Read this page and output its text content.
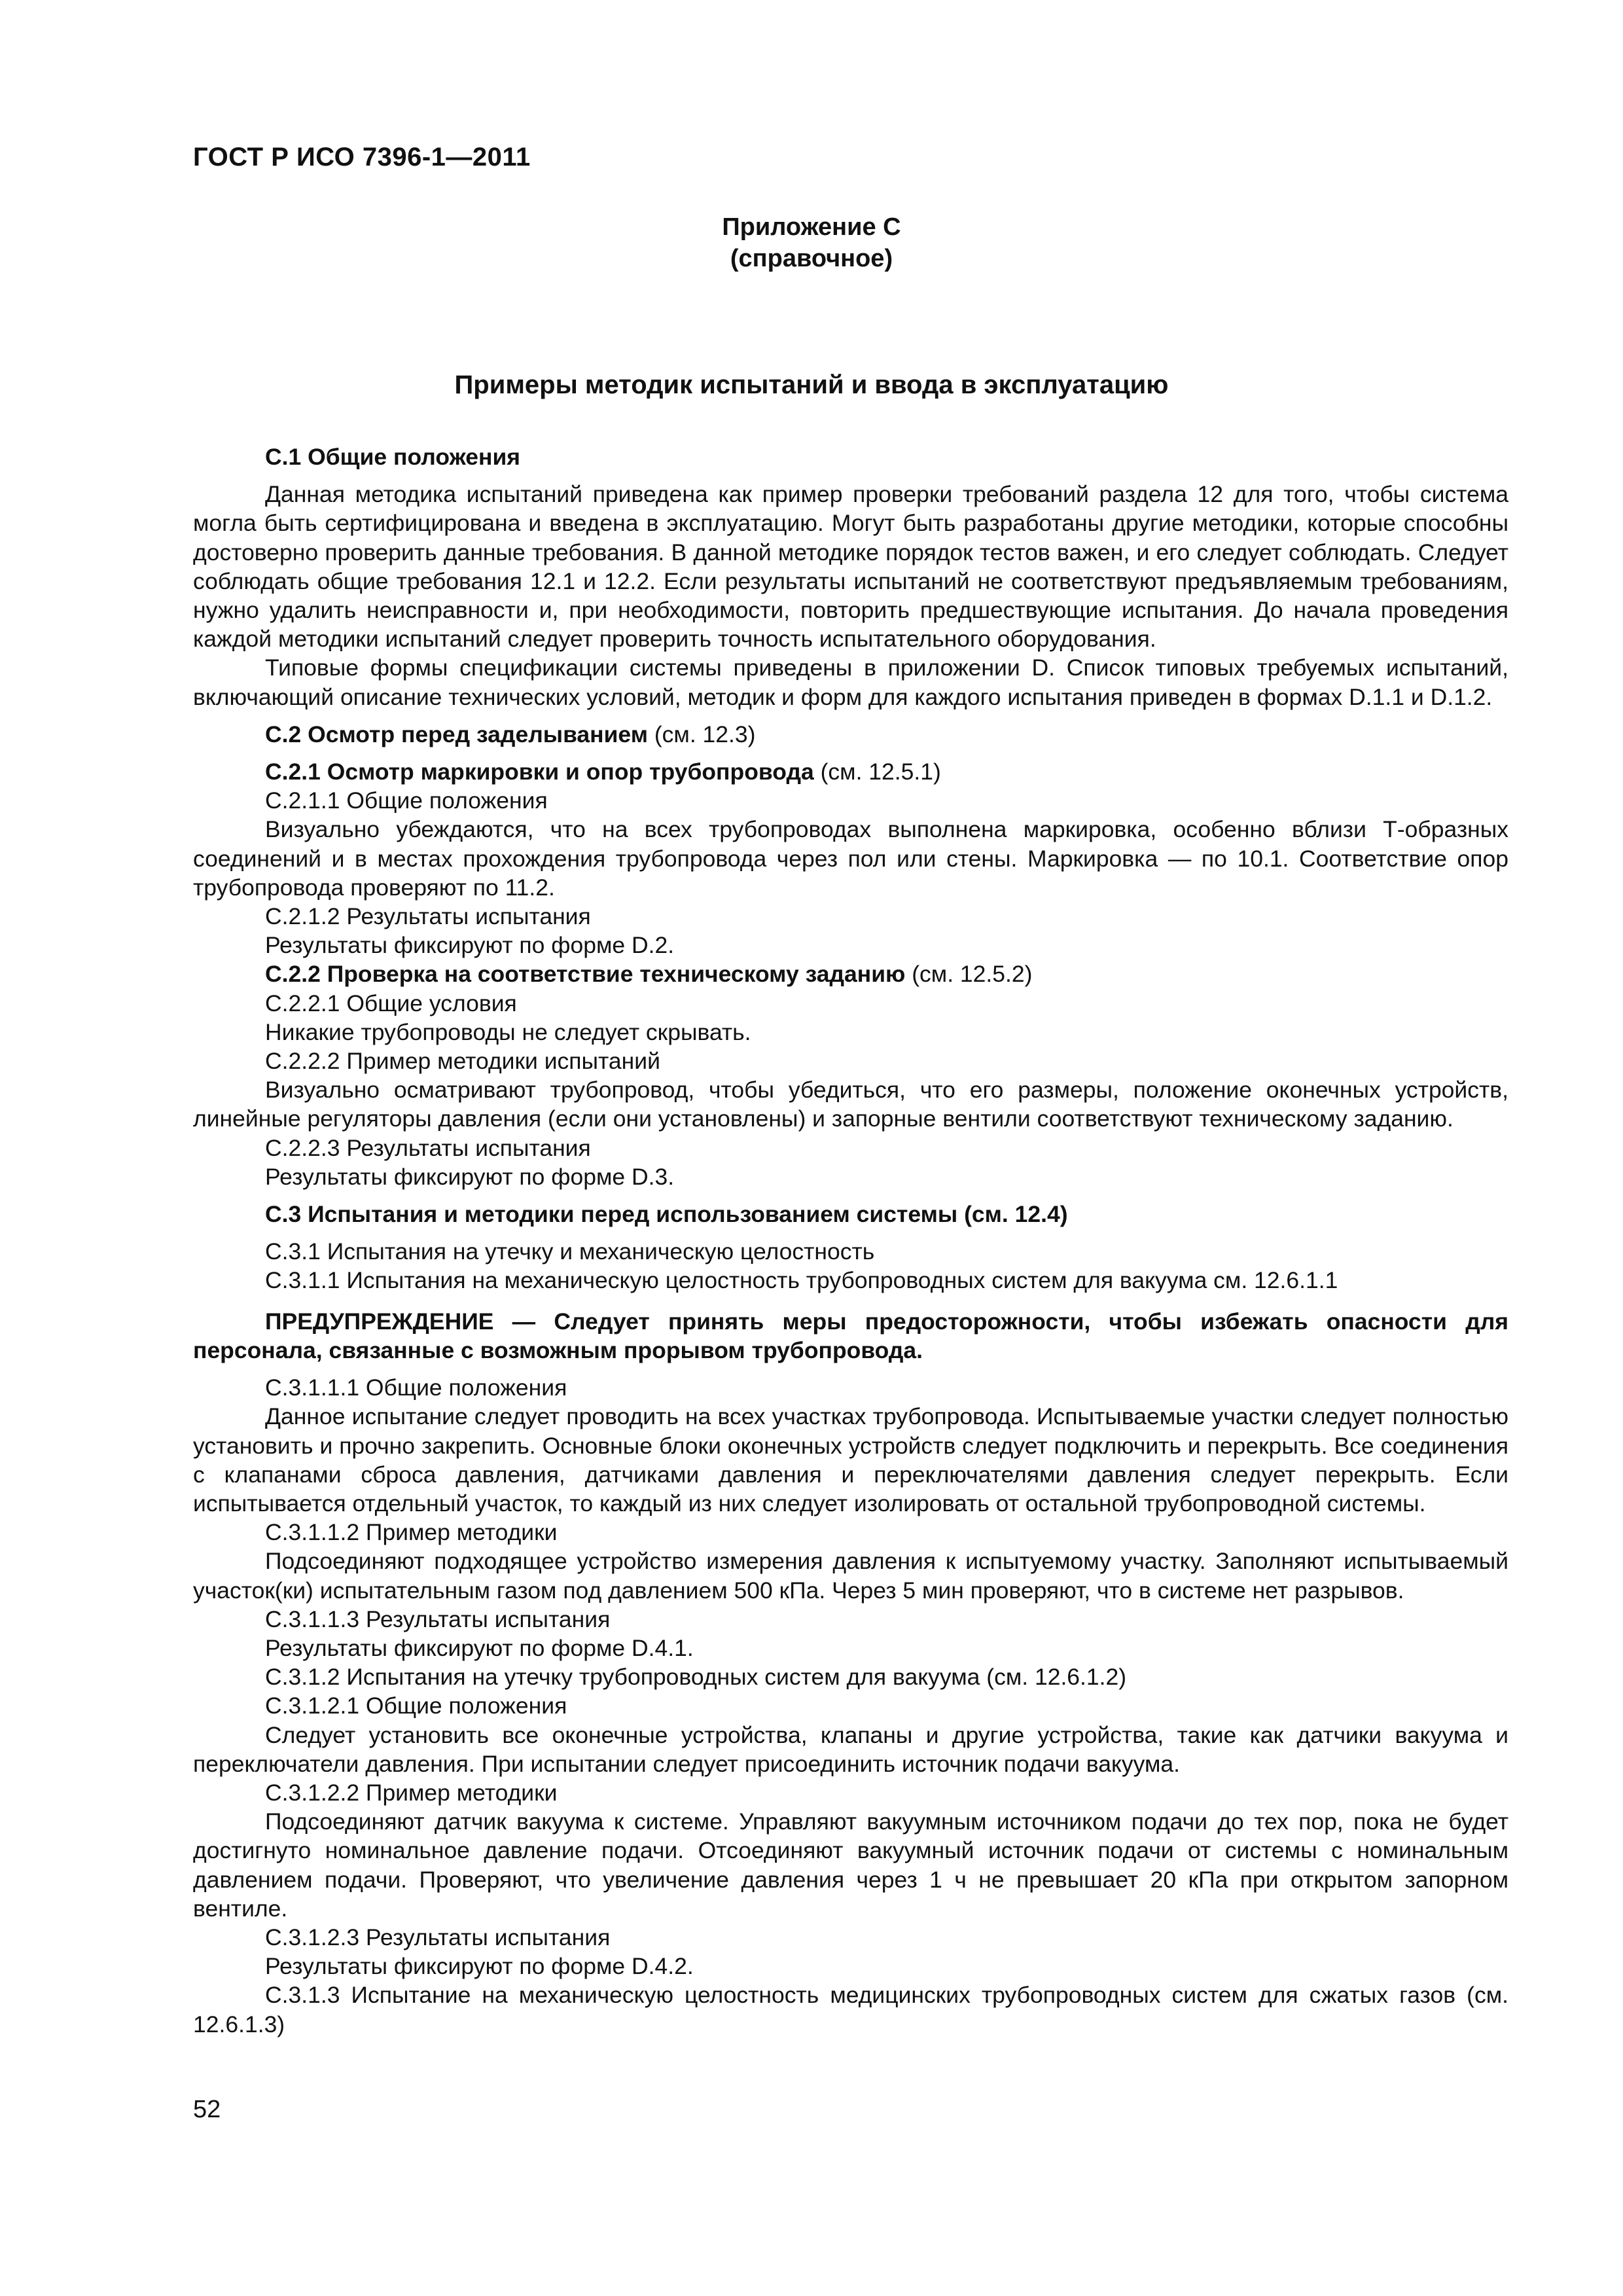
ГОСТ Р ИСО 7396-1—2011
Приложение C
(справочное)
Примеры методик испытаний и ввода в эксплуатацию

C.1 Общие положения

Данная методика испытаний приведена как пример проверки требований раздела 12 для того, чтобы система могла быть сертифицирована и введена в эксплуатацию. Могут быть разработаны другие методики, которые способны достоверно проверить данные требования. В данной методике порядок тестов важен, и его следует соблюдать. Следует соблюдать общие требования 12.1 и 12.2. Если результаты испытаний не соответствуют предъявляемым требованиям, нужно удалить неисправности и, при необходимости, повторить предшествующие испытания. До начала проведения каждой методики испытаний следует проверить точность испытательного оборудования.

Типовые формы спецификации системы приведены в приложении D. Список типовых требуемых испытаний, включающий описание технических условий, методик и форм для каждого испытания приведен в формах D.1.1 и D.1.2.

C.2 Осмотр перед заделыванием (см. 12.3)

C.2.1 Осмотр маркировки и опор трубопровода (см. 12.5.1)

C.2.1.1 Общие положения

Визуально убеждаются, что на всех трубопроводах выполнена маркировка, особенно вблизи Т-образных соединений и в местах прохождения трубопровода через пол или стены. Маркировка — по 10.1. Соответствие опор трубопровода проверяют по 11.2.

C.2.1.2 Результаты испытания

Результаты фиксируют по форме D.2.

C.2.2 Проверка на соответствие техническому заданию (см. 12.5.2)

C.2.2.1 Общие условия

Никакие трубопроводы не следует скрывать.

C.2.2.2 Пример методики испытаний

Визуально осматривают трубопровод, чтобы убедиться, что его размеры, положение оконечных устройств, линейные регуляторы давления (если они установлены) и запорные вентили соответствуют техническому заданию.

C.2.2.3 Результаты испытания

Результаты фиксируют по форме D.3.

C.3 Испытания и методики перед использованием системы (см. 12.4)

C.3.1 Испытания на утечку и механическую целостность

C.3.1.1 Испытания на механическую целостность трубопроводных систем для вакуума см. 12.6.1.1

ПРЕДУПРЕЖДЕНИЕ — Следует принять меры предосторожности, чтобы избежать опасности для персонала, связанные с возможным прорывом трубопровода.

C.3.1.1.1 Общие положения

Данное испытание следует проводить на всех участках трубопровода. Испытываемые участки следует полностью установить и прочно закрепить. Основные блоки оконечных устройств следует подключить и перекрыть. Все соединения с клапанами сброса давления, датчиками давления и переключателями давления следует перекрыть. Если испытывается отдельный участок, то каждый из них следует изолировать от остальной трубопроводной системы.

C.3.1.1.2 Пример методики

Подсоединяют подходящее устройство измерения давления к испытуемому участку. Заполняют испытываемый участок(ки) испытательным газом под давлением 500 кПа. Через 5 мин проверяют, что в системе нет разрывов.

C.3.1.1.3 Результаты испытания

Результаты фиксируют по форме D.4.1.

C.3.1.2 Испытания на утечку трубопроводных систем для вакуума (см. 12.6.1.2)

C.3.1.2.1 Общие положения

Следует установить все оконечные устройства, клапаны и другие устройства, такие как датчики вакуума и переключатели давления. При испытании следует присоединить источник подачи вакуума.

C.3.1.2.2 Пример методики

Подсоединяют датчик вакуума к системе. Управляют вакуумным источником подачи до тех пор, пока не будет достигнуто номинальное давление подачи. Отсоединяют вакуумный источник подачи от системы с номинальным давлением подачи. Проверяют, что увеличение давления через 1 ч не превышает 20 кПа при открытом запорном вентиле.

C.3.1.2.3 Результаты испытания

Результаты фиксируют по форме D.4.2.

C.3.1.3 Испытание на механическую целостность медицинских трубопроводных систем для сжатых газов (см. 12.6.1.3)

52
